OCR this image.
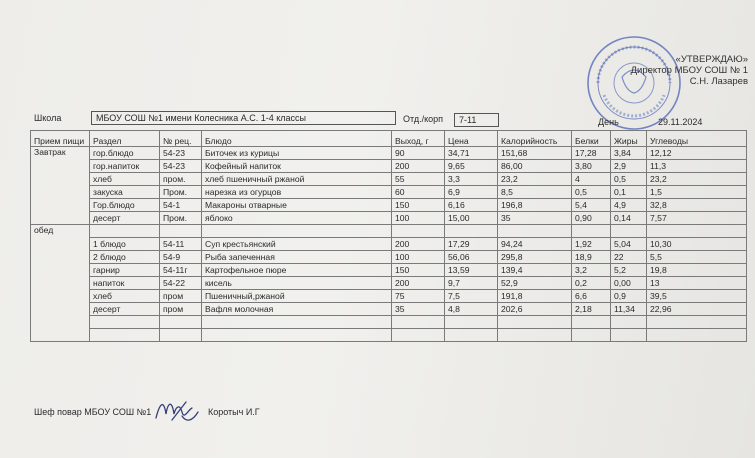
«УТВЕРЖДАЮ»
Директор МБОУ СОШ № 1
С.Н. Лазарев
День	29.11.2024
Школа	МБОУ СОШ №1 имени Колесника А.С. 1-4 классы	Отд./корп	7-11
Прием пищи	Раздел	№ рец.	Блюдо	Выход, г	Цена	Калорийность	Белки	Жиры	Углеводы
Завтрак	гор.блюдо	54-23	Биточек из курицы	90	34,71	151,68	17,28	3,84	12,12
	гор.напиток	54-23	Кофейный напиток	200	9,65	86,00	3,80	2,9	11,3
	хлеб	пром.	хлеб пшеничный ржаной	55	3,3	23,2	4	0,5	23,2
	закуска	Пром.	нарезка из огурцов	60	6,9	8,5	0,5	0,1	1,5
	Гор.блюдо	54-1	Макароны отварные	150	6,16	196,8	5,4	4,9	32,8
	десерт	Пром.	яблоко	100	15,00	35	0,90	0,14	7,57
обед									
	1 блюдо	54-11	Суп крестьянский	200	17,29	94,24	1,92	5,04	10,30
	2 блюдо	54-9	Рыба запеченная	100	56,06	295,8	18,9	22	5,5
	гарнир	54-11г	Картофельное пюре	150	13,59	139,4	3,2	5,2	19,8
	напиток	54-22	кисель	200	9,7	52,9	0,2	0,00	13
	хлеб	пром	Пшеничный,ржаной	75	7,5	191,8	6,6	0,9	39,5
	десерт	пром	Вафля молочная	35	4,8	202,6	2,18	11,34	22,96

Шеф повар МБОУ СОШ №1	Коротыч И.Г
